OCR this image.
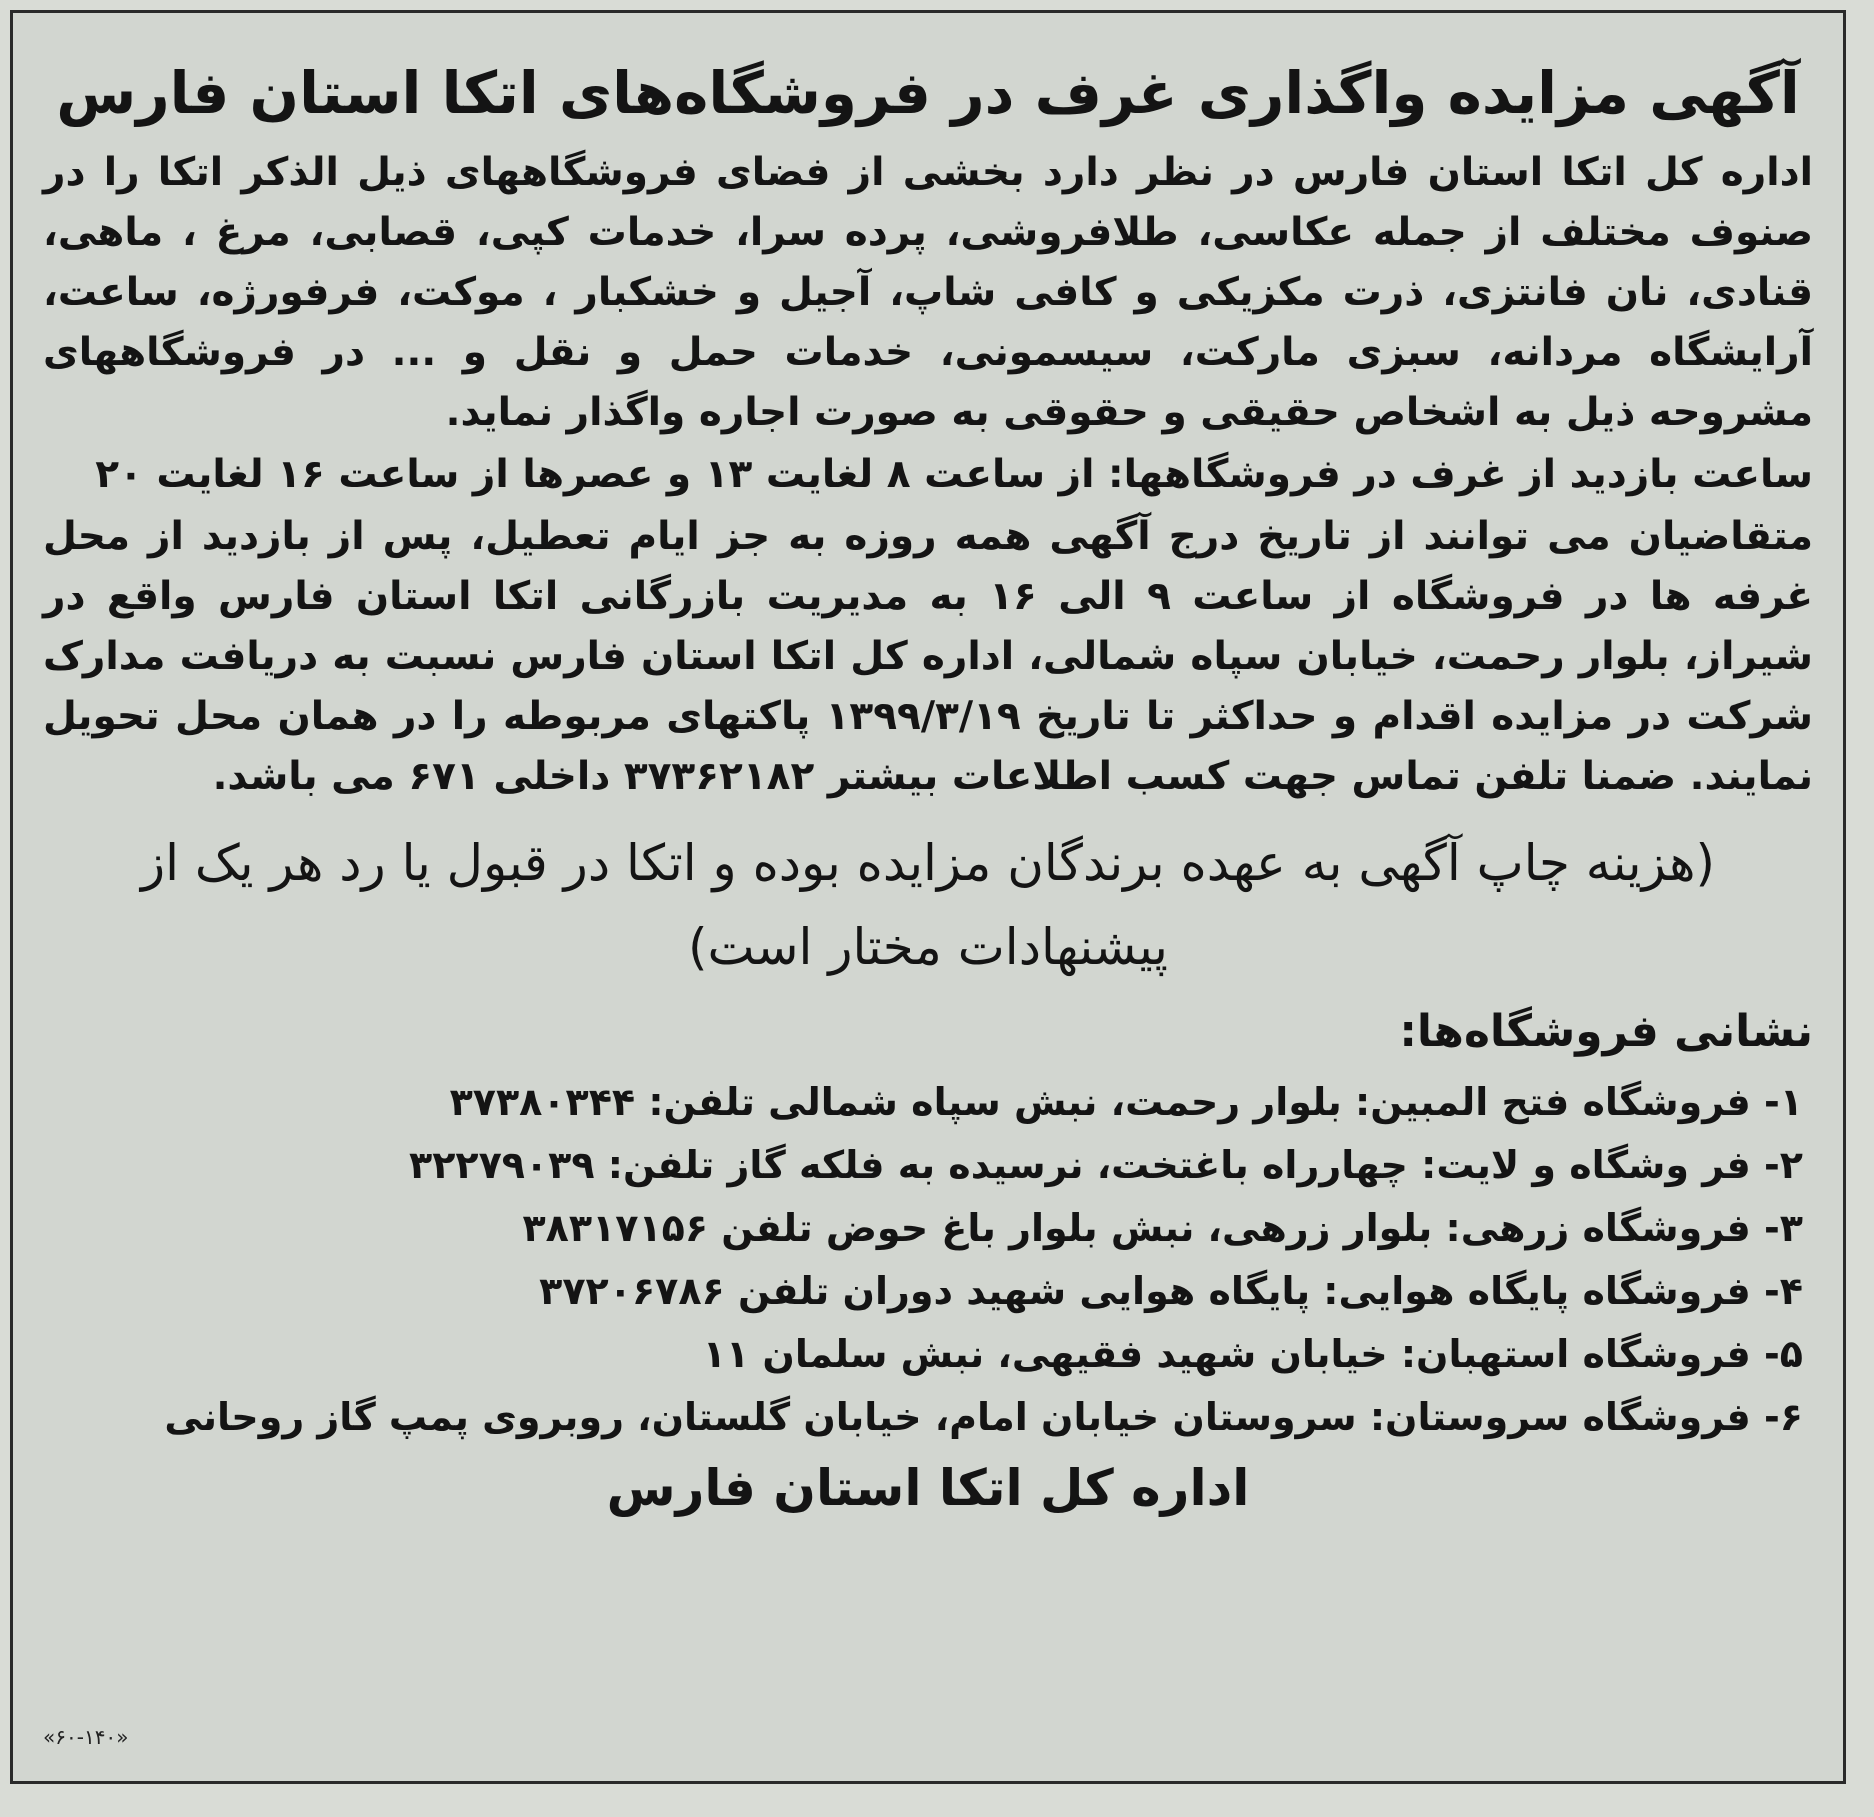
آگهی مزایده واگذاری غرف در فروشگاه‌های اتکا استان فارس

اداره کل اتکا استان فارس در نظر دارد بخشی از فضای فروشگاههای ذیل الذکر اتکا را در صنوف مختلف از جمله عکاسی، طلافروشی، پرده سرا، خدمات کپی، قصابی، مرغ ، ماهی، قنادی، نان فانتزی، ذرت مکزیکی و کافی شاپ، آجیل و خشکبار ، موکت، فرفورژه، ساعت، آرایشگاه مردانه، سبزی مارکت، سیسمونی، خدمات حمل و نقل و ... در فروشگاههای مشروحه ذیل به اشخاص حقیقی و حقوقی به صورت اجاره واگذار نماید.

ساعت بازدید از غرف در فروشگاهها: از ساعت ۸ لغایت ۱۳ و عصرها از ساعت ۱۶ لغایت ۲۰

متقاضیان می توانند از تاریخ درج آگهی همه روزه به جز ایام تعطیل، پس از بازدید از محل غرفه ها در فروشگاه از ساعت ۹ الی ۱۶ به مدیریت بازرگانی اتکا استان فارس واقع در شیراز، بلوار رحمت، خیابان سپاه شمالی، اداره کل اتکا استان فارس نسبت به دریافت مدارک شرکت در مزایده اقدام و حداکثر تا تاریخ ۱۳۹۹/۳/۱۹ پاکتهای مربوطه را در همان محل تحویل نمایند. ضمنا تلفن تماس جهت کسب اطلاعات بیشتر ۳۷۳۶۲۱۸۲ داخلی ۶۷۱ می باشد.

(هزینه چاپ آگهی به عهده برندگان مزایده بوده و اتکا در قبول یا رد هر یک از پیشنهادات مختار است)
نشانی فروشگاه‌ها:
۱- فروشگاه فتح المبین: بلوار رحمت، نبش سپاه شمالی تلفن: ۳۷۳۸۰۳۴۴
۲- فر وشگاه و لایت: چهارراه باغتخت، نرسیده به فلکه گاز تلفن: ۳۲۲۷۹۰۳۹
۳- فروشگاه زرهی: بلوار زرهی، نبش بلوار باغ حوض تلفن ۳۸۳۱۷۱۵۶
۴- فروشگاه پایگاه هوایی: پایگاه هوایی شهید دوران تلفن ۳۷۲۰۶۷۸۶
۵- فروشگاه استهبان: خیابان شهید فقیهی، نبش سلمان ۱۱
۶- فروشگاه سروستان: سروستان خیابان امام، خیابان گلستان، روبروی پمپ گاز روحانی
اداره کل اتکا استان فارس
«۶۰-۱۴۰»
